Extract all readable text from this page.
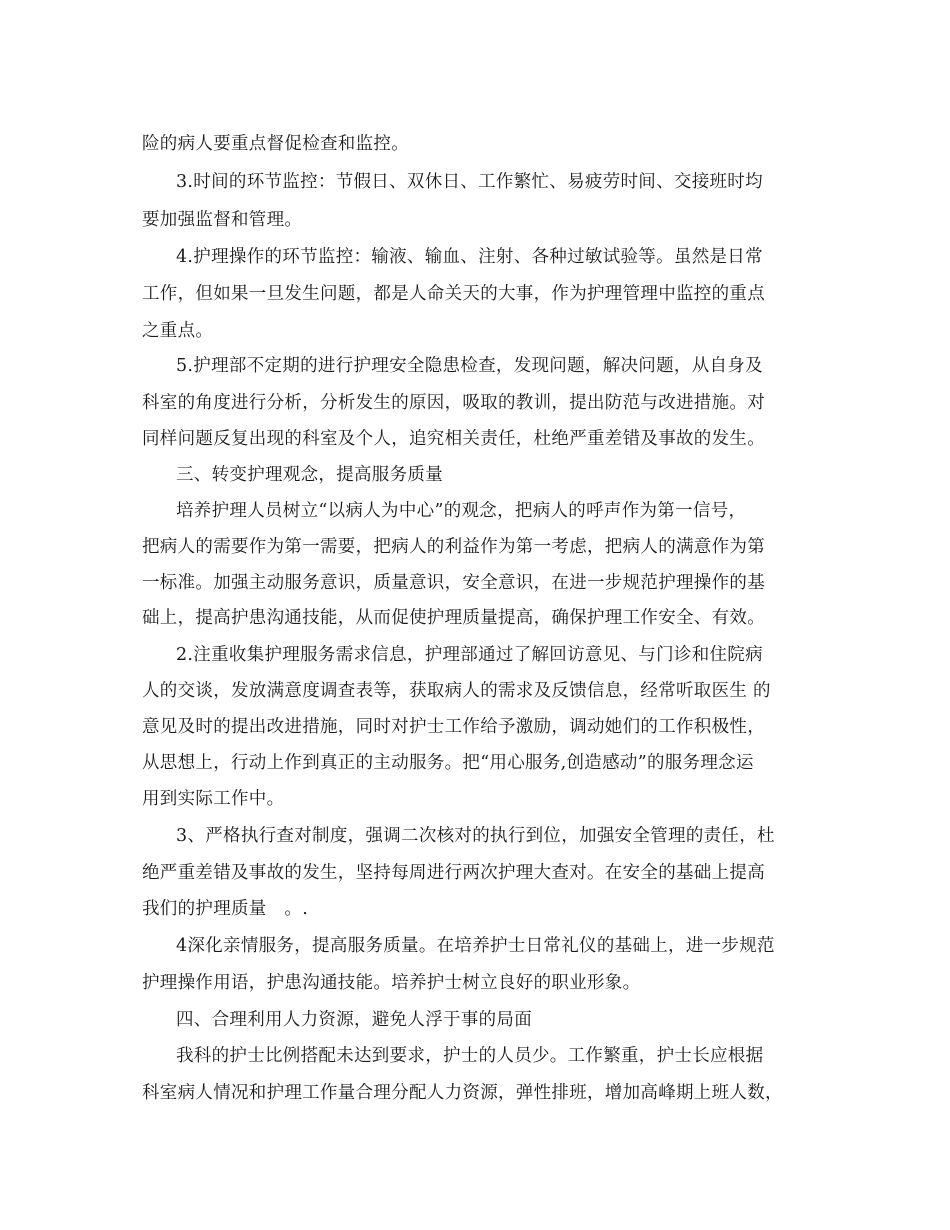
险的病人要重点督促检查和监控。
3.时间的环节监控：节假日、双休日、工作繁忙、易疲劳时间、交接班时均
要加强监督和管理。
4.护理操作的环节监控：输液、输血、注射、各种过敏试验等。虽然是日常
工作，但如果一旦发生问题，都是人命关天的大事，作为护理管理中监控的重点
之重点。
5.护理部不定期的进行护理安全隐患检查，发现问题，解决问题，从自身及
科室的角度进行分析，分析发生的原因，吸取的教训，提出防范与改进措施。对
同样问题反复出现的科室及个人，追究相关责任，杜绝严重差错及事故的发生。
三、转变护理观念，提高服务质量
培养护理人员树立“以病人为中心”的观念，把病人的呼声作为第一信号，
把病人的需要作为第一需要，把病人的利益作为第一考虑，把病人的满意作为第
一标准。加强主动服务意识，质量意识，安全意识，在进一步规范护理操作的基
础上，提高护患沟通技能，从而促使护理质量提高，确保护理工作安全、有效。
2.注重收集护理服务需求信息，护理部通过了解回访意见、与门诊和住院病
人的交谈，发放满意度调查表等，获取病人的需求及反馈信息，经常听取医生 的
意见及时的提出改进措施，同时对护士工作给予激励，调动她们的工作积极性，
从思想上，行动上作到真正的主动服务。把“用心服务,创造感动”的服务理念运
用到实际工作中。
3、严格执行查对制度，强调二次核对的执行到位，加强安全管理的责任，杜
绝严重差错及事故的发生，坚持每周进行两次护理大查对。在安全的基础上提高
我们的护理质量　。.
4深化亲情服务，提高服务质量。在培养护士日常礼仪的基础上，进一步规范
护理操作用语，护患沟通技能。培养护士树立良好的职业形象。
四、合理利用人力资源，避免人浮于事的局面
我科的护士比例搭配未达到要求，护士的人员少。工作繁重，护士长应根据
科室病人情况和护理工作量合理分配人力资源，弹性排班，增加高峰期上班人数，
